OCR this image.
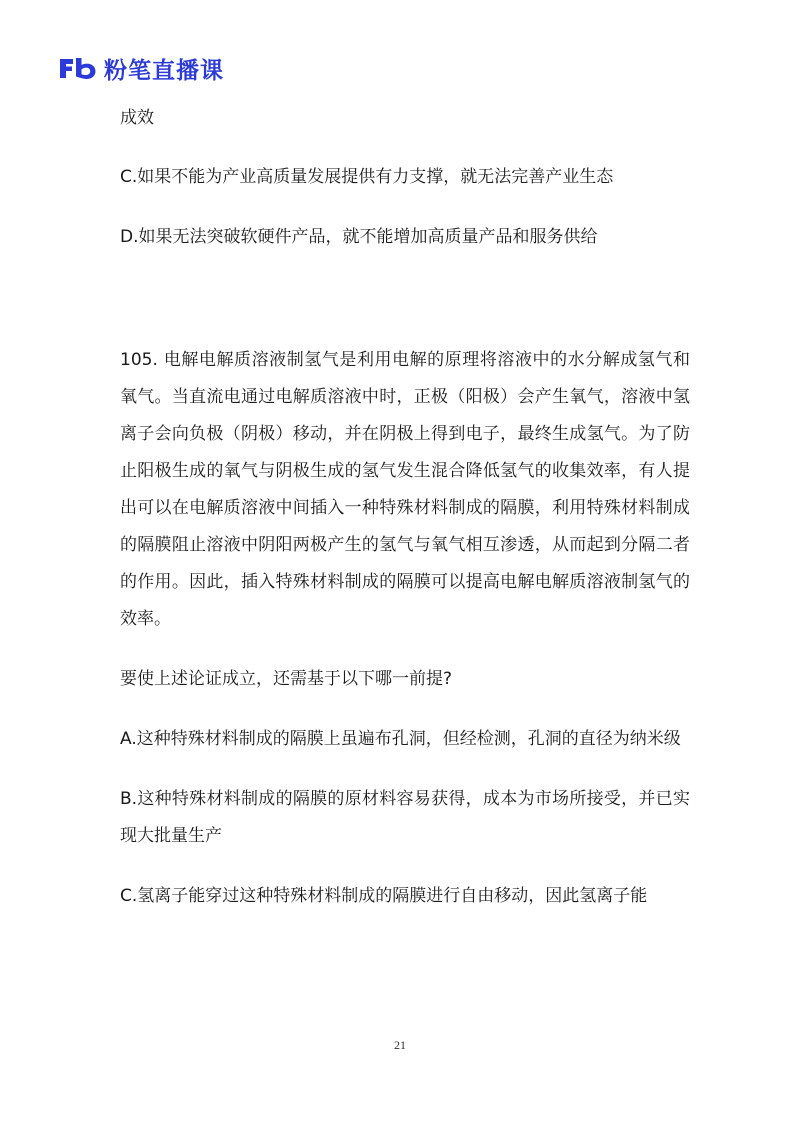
粉笔直播课

成效

C.如果不能为产业高质量发展提供有力支撑，就无法完善产业生态

D.如果无法突破软硬件产品，就不能增加高质量产品和服务供给

105. 电解电解质溶液制氢气是利用电解的原理将溶液中的水分解成氢气和氧气。当直流电通过电解质溶液中时，正极（阳极）会产生氧气，溶液中氢离子会向负极（阴极）移动，并在阴极上得到电子，最终生成氢气。为了防止阳极生成的氧气与阴极生成的氢气发生混合降低氢气的收集效率，有人提出可以在电解质溶液中间插入一种特殊材料制成的隔膜，利用特殊材料制成的隔膜阻止溶液中阴阳两极产生的氢气与氧气相互渗透，从而起到分隔二者的作用。因此，插入特殊材料制成的隔膜可以提高电解电解质溶液制氢气的效率。

要使上述论证成立，还需基于以下哪一前提?

A.这种特殊材料制成的隔膜上虽遍布孔洞，但经检测，孔洞的直径为纳米级

B.这种特殊材料制成的隔膜的原材料容易获得，成本为市场所接受，并已实现大批量生产

C.氢离子能穿过这种特殊材料制成的隔膜进行自由移动，因此氢离子能

21
